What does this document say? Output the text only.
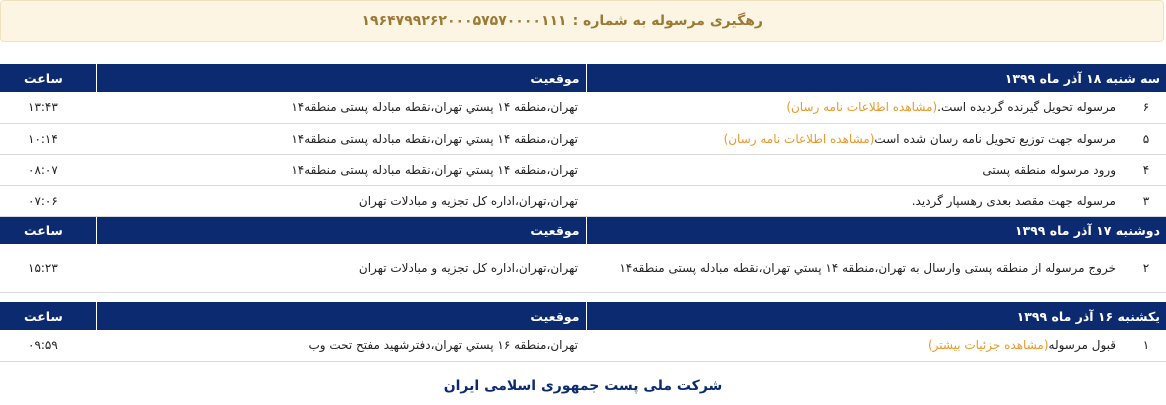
رهگیری مرسوله به شماره :
۱۹۶۴۷۹۹۲۶۲۰۰۰۵۷۵۷۰۰۰۰۱۱۱
سه شنبه ۱۸ آذر ماه ۱۳۹۹		موقعیت	ساعت
۶	مرسوله تحویل گیرنده گردیده است.(مشاهده اطلاعات نامه رسان)	تهران،منطقه ۱۴ پستي تهران،نقطه مبادله پستی منطقه۱۴	۱۳:۴۳
۵	مرسوله جهت توزیع تحویل نامه رسان شده است(مشاهده اطلاعات نامه رسان)	تهران،منطقه ۱۴ پستي تهران،نقطه مبادله پستی منطقه۱۴	۱۰:۱۴
۴	ورود مرسوله منطقه پستی	تهران،منطقه ۱۴ پستي تهران،نقطه مبادله پستی منطقه۱۴	۰۸:۰۷
۳	مرسوله جهت مقصد بعدی رهسپار گردید.	تهران،تهران،اداره کل تجزیه و مبادلات تهران	۰۷:۰۶
دوشنبه ۱۷ آذر ماه ۱۳۹۹		موقعیت	ساعت
۲	خروج مرسوله از منطقه پستی وارسال به تهران،منطقه ۱۴ پستي تهران،نقطه مبادله پستی منطقه۱۴	تهران،تهران،اداره کل تجزیه و مبادلات تهران	۱۵:۲۳

یکشنبه ۱۶ آذر ماه ۱۳۹۹		موقعیت	ساعت
۱	قبول مرسوله(مشاهده جزئیات بیشتر)	تهران،منطقه ۱۶ پستي تهران،دفترشهید مفتح تحت وب	۰۹:۵۹
شرکت ملی پست جمهوری اسلامی ایران
